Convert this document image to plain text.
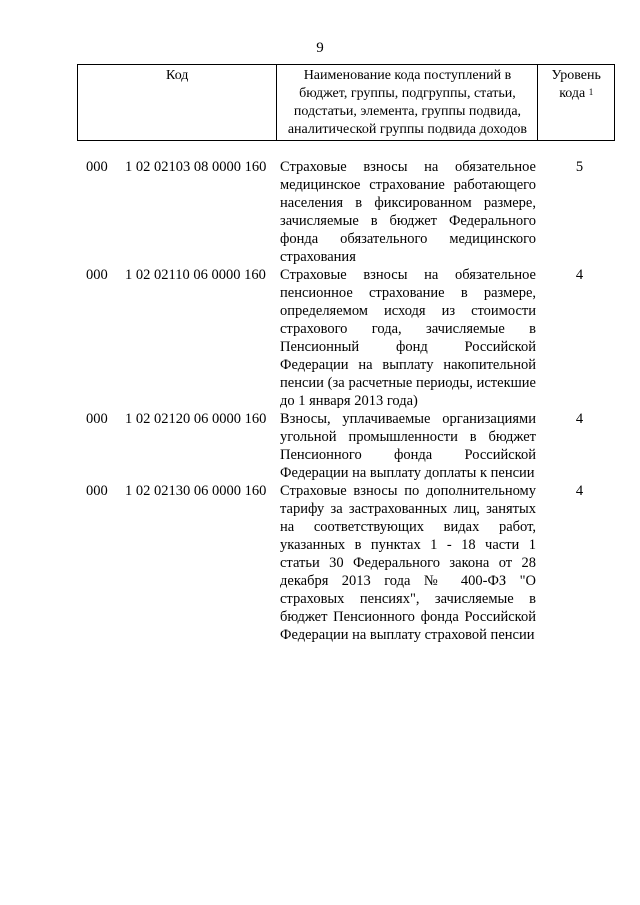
9
Код	Наименование кода поступлений в бюджет, группы, подгруппы, статьи, подстатьи, элемента, группы подвида, аналитической группы подвида доходов	Уровень кода $^1$
000	1 02 02103 08 0000 160 Страховые взносы на обязательное медицинское страхование работающего населения в фиксированном размере, зачисляемые в бюджет Федерального фонда обязательного медицинского страхования
5
000	1 02 02110 06 0000 160 Страховые взносы на обязательное пенсионное страхование в размере, определяемом исходя из стоимости страхового года, зачисляемые в Пенсионный фонд Российской Федерации на выплату накопительной пенсии (за расчетные периоды, истекшие до 1 января 2013 года)
4
000	1 02 02120 06 0000 160 Взносы, уплачиваемые организациями угольной промышленности в бюджет Пенсионного фонда Российской Федерации на выплату доплаты к пенсии
4
000	1 02 02130 06 0000 160 Страховые взносы по дополнительному тарифу за застрахованных лиц, занятых на соответствующих видах работ, указанных в пунктах 1 - 18 части 1 статьи 30 Федерального закона от 28 декабря 2013 года № 400-ФЗ "О страховых пенсиях", зачисляемые в бюджет Пенсионного фонда Российской Федерации на выплату страховой пенсии
4
